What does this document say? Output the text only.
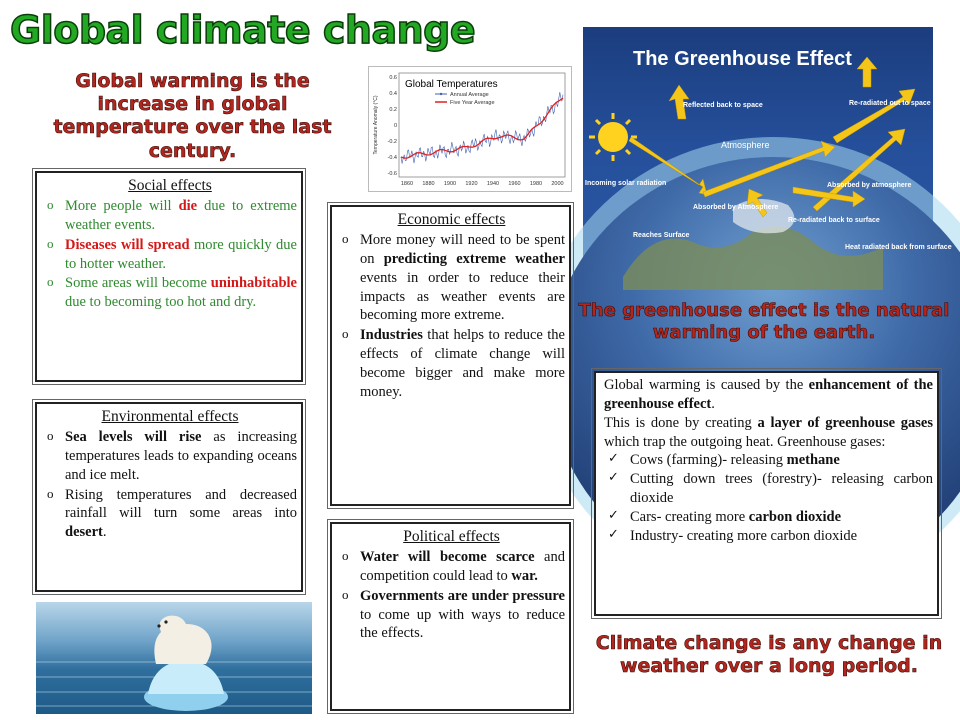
Global climate change
Global warming is the increase in global temperature over the last century.
Global Temperatures
Annual Average
Five Year Average
0.6
0.4
0.2
0
-0.2
-0.4
-0.6
1860 1880 1900 1920 1940 1960 1980 2000
Temperature Anomaly (°C)
The Greenhouse Effect
Reflected back to space	Re-radiated out to space
Atmosphere
Incoming solar radiation
Absorbed by Atmosphere
Absorbed by atmosphere
Reaches Surface
Re-radiated back to surface
Heat radiated back from surface
The greenhouse effect is the natural warming of the earth.
Social effects
o More people will die due to extreme weather events.
o Diseases will spread more quickly due to hotter weather.
o Some areas will become uninhabitable due to becoming too hot and dry.
Environmental effects
o Sea levels will rise as increasing temperatures leads to expanding oceans and ice melt.
o Rising temperatures and decreased rainfall will turn some areas into desert.
Economic effects
o More money will need to be spent on predicting extreme weather events in order to reduce their impacts as weather events are becoming more extreme.
o Industries that helps to reduce the effects of climate change will become bigger and make more money.
Political effects
o Water will become scarce and competition could lead to war.
o Governments are under pressure to come up with ways to reduce the effects.
Global warming is caused by the enhancement of the greenhouse effect.
This is done by creating a layer of greenhouse gases which trap the outgoing heat. Greenhouse gases:
✓ Cows (farming)- releasing methane
✓ Cutting down trees (forestry)- releasing carbon dioxide
✓ Cars- creating more carbon dioxide
✓ Industry- creating more carbon dioxide
Climate change is any change in weather over a long period.
